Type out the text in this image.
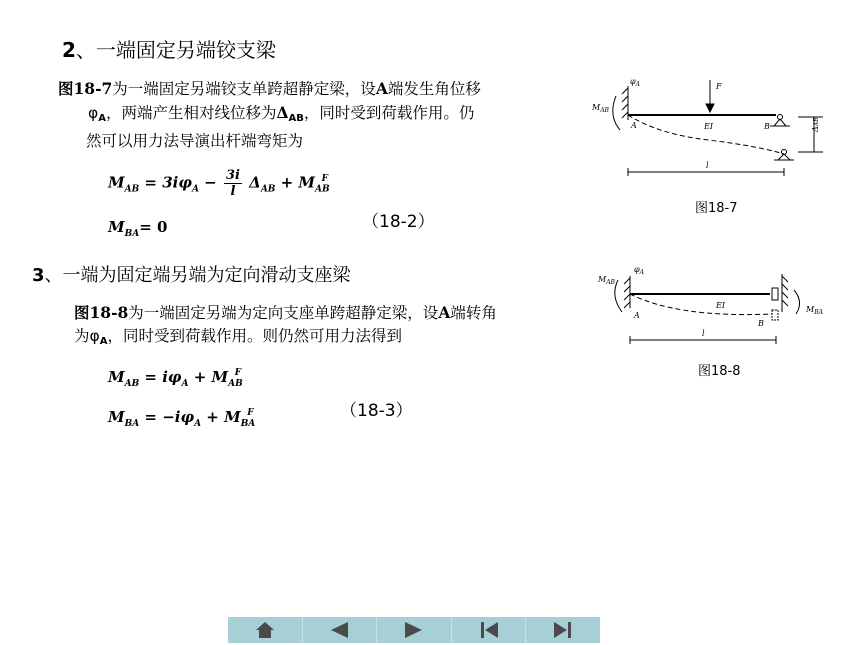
2、一端固定另端铰支梁
图18-7为一端固定另端铰支单跨超静定梁，设A端发生角位移
$\varphi_A$，两端产生相对线位移为$\Delta_{AB}$，同时受到荷载作用。仍
然可以用力法导演出杆端弯矩为
$M_{AB} = 3i\varphi_A - \frac{3i}{l} \Delta_{AB} + M_{AB}^F$
$M_{BA}= 0$	（18-2）
F
EI
A	B
l
$M_{AB}$
$\varphi_A$
ΔAB
图18-7
3、一端为固定端另端为定向滑动支座梁
图18-8为一端固定另端为定向支座单跨超静定梁，设A端转角
为$\varphi_A$，同时受到荷载作用。则仍然可用力法得到
$M_{AB} = i\varphi_A + M_{AB}^F$
$M_{BA} = -i\varphi_A + M_{BA}^F$	（18-3）
EI
A
B
l
$M_{AB}$
$M_{BA}$
$\varphi_A$
图18-8
